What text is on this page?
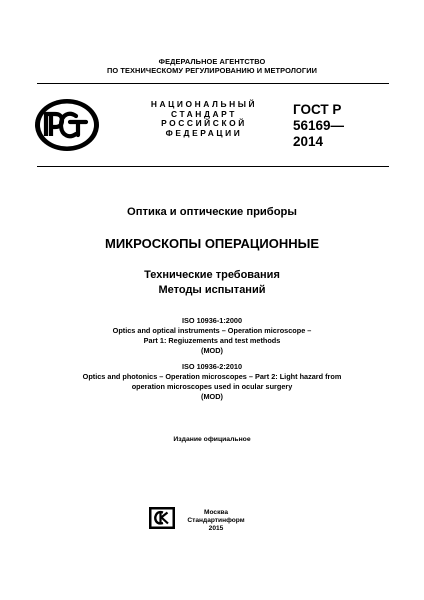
ФЕДЕРАЛЬНОЕ АГЕНТСТВО
ПО ТЕХНИЧЕСКОМУ РЕГУЛИРОВАНИЮ И МЕТРОЛОГИИ
НАЦИОНАЛЬНЫЙ
СТАНДАРТ
РОССИЙСКОЙ
ФЕДЕРАЦИИ
ГОСТ Р
56169—
2014
Оптика и оптические приборы
МИКРОСКОПЫ ОПЕРАЦИОННЫЕ
Технические требования
Методы испытаний
ISO 10936-1:2000
Optics and optical instruments – Operation microscope –
Part 1: Regiuzements and test methods
(MOD)
ISO 10936-2:2010
Optics and photonics – Operation microscopes – Part 2: Light hazard from
operation microscopes used in ocular surgery
(MOD)
Издание официальное
Москва
Стандартинформ
2015
